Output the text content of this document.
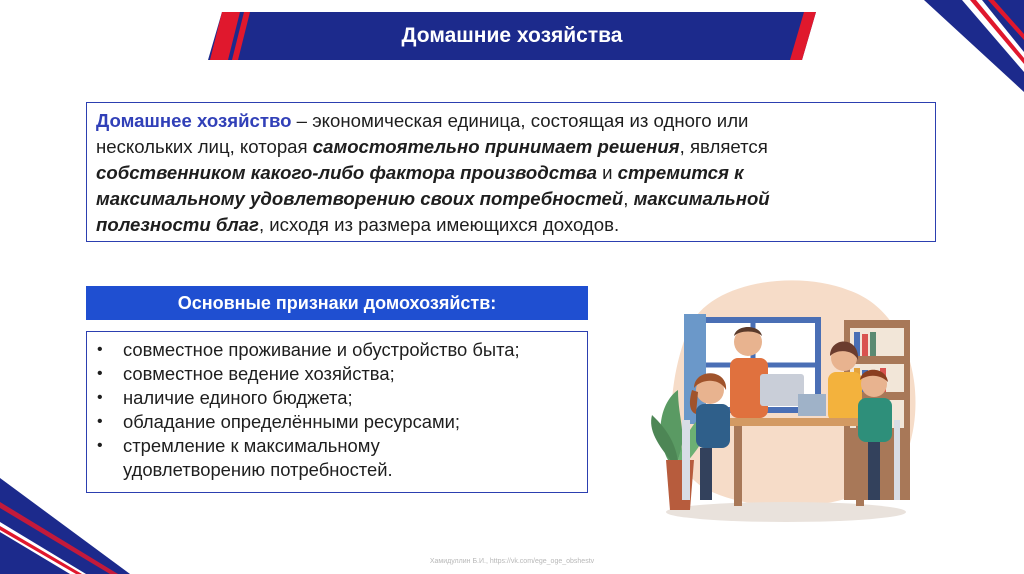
Домашние хозяйства
Домашнее хозяйство – экономическая единица, состоящая из одного или
нескольких лиц, которая самостоятельно принимает решения, является
собственником какого-либо фактора производства и стремится к
максимальному удовлетворению своих потребностей, максимальной
полезности благ, исходя из размера имеющихся доходов.
Основные признаки домохозяйств:
•	совместное проживание и обустройство быта;
•	совместное ведение хозяйства;
•	наличие единого бюджета;
•	обладание определёнными ресурсами;
•	стремление к максимальному
удовлетворению потребностей.
Хамидуллин Б.И., https://vk.com/ege_oge_obshestv
